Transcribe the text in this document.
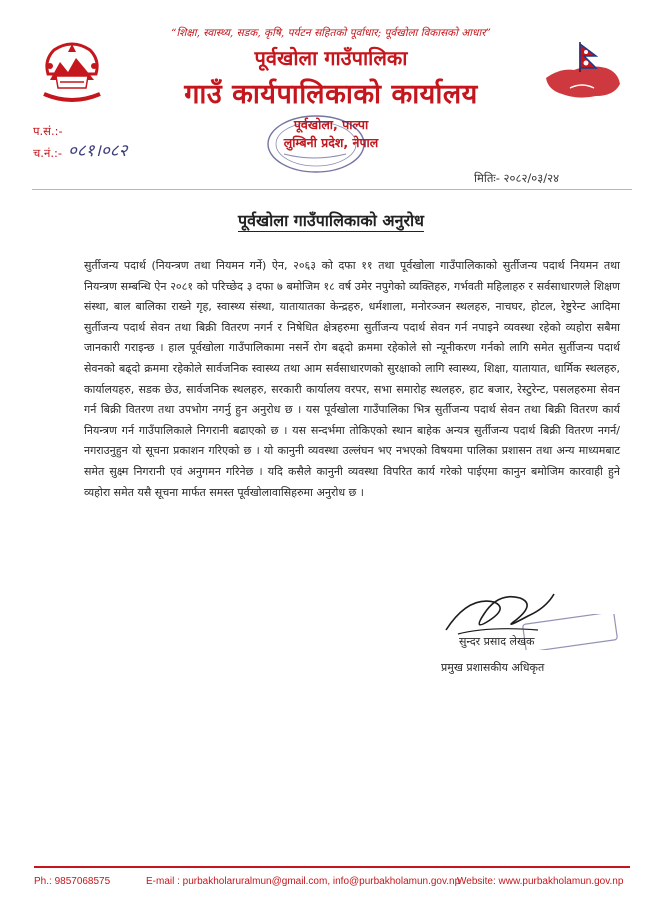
“शिक्षा, स्वास्थ्य, सडक, कृषि, पर्यटन सहितको पूर्वाधार; पूर्वखोला विकासको आधार”
पूर्वखोला गाउँपालिका
गाउँ कार्यपालिकाको कार्यालय
पूर्वखोला, पाल्पा
लुम्बिनी प्रदेश, नेपाल
प.सं.:-
च.नं.:- ०८१।०८२
मितिः- २०८२/०३/२४
पूर्वखोला गाउँपालिकाको अनुरोध

सुर्तीजन्य पदार्थ (नियन्त्रण तथा नियमन गर्ने) ऐन, २०६३ को दफा ११ तथा पूर्वखोला गाउँपालिकाको सुर्तीजन्य पदार्थ नियमन तथा नियन्त्रण सम्बन्धि ऐन २०८१ को परिच्छेद ३ दफा ७ बमोजिम १८ वर्ष उमेर नपुगेको व्यक्तिहरु, गर्भवती महिलाहरु र सर्वसाधारणले शिक्षण संस्था, बाल बालिका राख्ने गृह, स्वास्थ्य संस्था, यातायातका केन्द्रहरु, धर्मशाला, मनोरञ्जन स्थलहरु, नाचघर, होटल, रेष्टुरेन्ट आदिमा सुर्तीजन्य पदार्थ सेवन तथा बिक्री वितरण नगर्न र निषेधित क्षेत्रहरुमा सुर्तीजन्य पदार्थ सेवन गर्न नपाइने व्यवस्था रहेको व्यहोरा सबैमा जानकारी गराइन्छ । हाल पूर्वखोला गाउँपालिकामा नसर्ने रोग बढ्दो क्रममा रहेकोले सो न्यूनीकरण गर्नको लागि समेत सुर्तीजन्य पदार्थ सेवनको बढ्दो क्रममा रहेकोले सार्वजनिक स्वास्थ्य तथा आम सर्वसाधारणको सुरक्षाको लागि स्वास्थ्य, शिक्षा, यातायात, धार्मिक स्थलहरु, कार्यालयहरु, सडक छेउ, सार्वजनिक स्थलहरु, सरकारी कार्यालय वरपर, सभा समारोह स्थलहरु, हाट बजार, रेस्टुरेन्ट, पसलहरुमा सेवन गर्न बिक्री वितरण तथा उपभोग नगर्नु हुन अनुरोध छ । यस पूर्वखोला गाउँपालिका भित्र सुर्तीजन्य पदार्थ सेवन तथा बिक्री वितरण कार्य नियन्त्रण गर्न गाउँपालिकाले निगरानी बढाएको छ । यस सन्दर्भमा तोकिएको स्थान बाहेक अन्यत्र सुर्तीजन्य पदार्थ बिक्री वितरण नगर्न/नगराउनुहुन यो सूचना प्रकाशन गरिएको छ । यो कानुनी व्यवस्था उल्लंघन भए नभएको विषयमा पालिका प्रशासन तथा अन्य माध्यमबाट समेत सुक्ष्म निगरानी एवं अनुगमन गरिनेछ । यदि कसैले कानुनी व्यवस्था विपरित कार्य गरेको पाईएमा कानुन बमोजिम कारवाही हुने व्यहोरा समेत यसै सूचना मार्फत समस्त पूर्वखोलावासिहरुमा अनुरोध छ ।

सुन्दर प्रसाद लेखक
प्रमुख प्रशासकीय अधिकृत
Ph.: 9857068575	E-mail : purbakholaruralmun@gmail.com, info@purbakholamun.gov.np
Website: www.purbakholamun.gov.np
